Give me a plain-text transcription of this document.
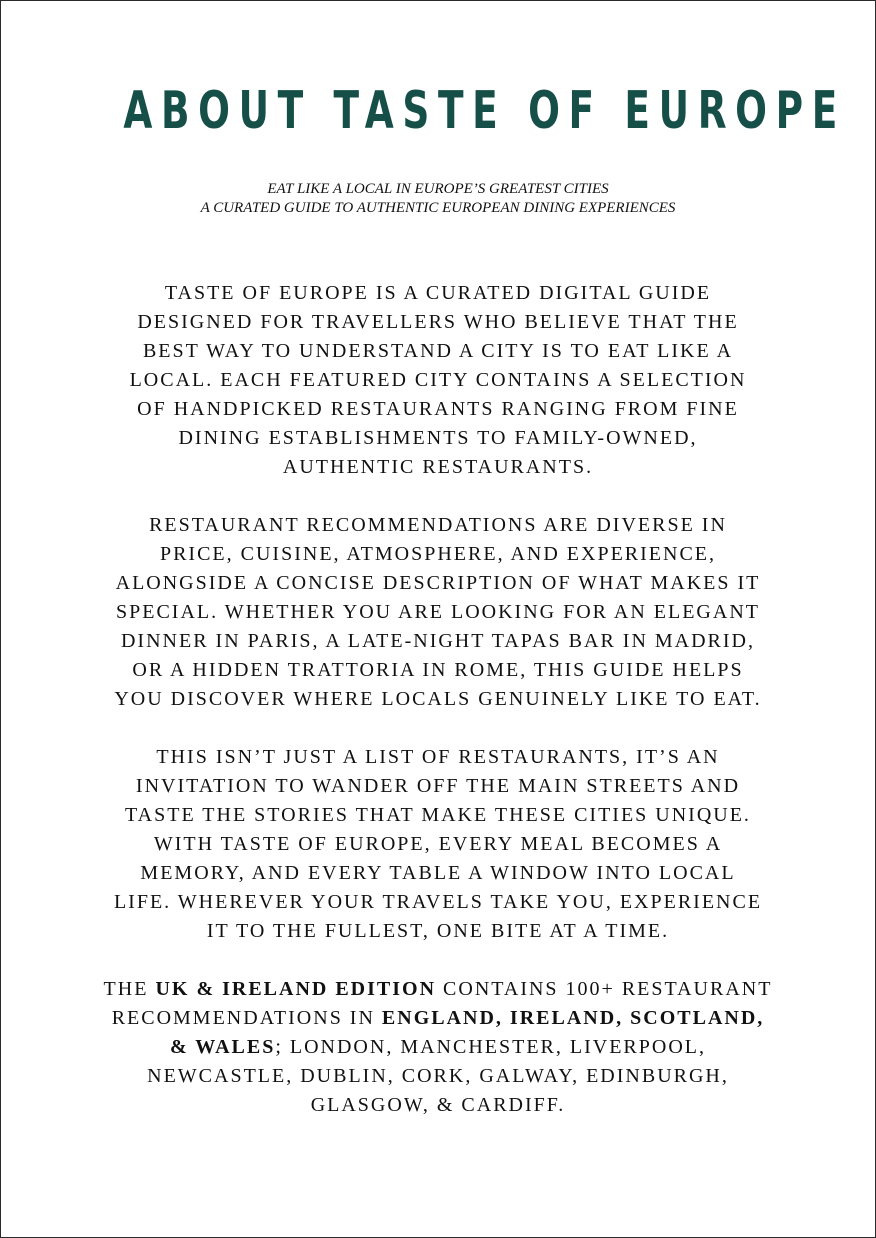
ABOUT TASTE OF EUROPE
EAT LIKE A LOCAL IN EUROPE’S GREATEST CITIES
A CURATED GUIDE TO AUTHENTIC EUROPEAN DINING EXPERIENCES

TASTE OF EUROPE IS A CURATED DIGITAL GUIDE
DESIGNED FOR TRAVELLERS WHO BELIEVE THAT THE
BEST WAY TO UNDERSTAND A CITY IS TO EAT LIKE A
LOCAL. EACH FEATURED CITY CONTAINS A SELECTION
OF HANDPICKED RESTAURANTS RANGING FROM FINE
DINING ESTABLISHMENTS TO FAMILY-OWNED,
AUTHENTIC RESTAURANTS.

RESTAURANT RECOMMENDATIONS ARE DIVERSE IN
PRICE, CUISINE, ATMOSPHERE, AND EXPERIENCE,
ALONGSIDE A CONCISE DESCRIPTION OF WHAT MAKES IT
SPECIAL. WHETHER YOU ARE LOOKING FOR AN ELEGANT
DINNER IN PARIS, A LATE-NIGHT TAPAS BAR IN MADRID,
OR A HIDDEN TRATTORIA IN ROME, THIS GUIDE HELPS
YOU DISCOVER WHERE LOCALS GENUINELY LIKE TO EAT.

THIS ISN’T JUST A LIST OF RESTAURANTS, IT’S AN
INVITATION TO WANDER OFF THE MAIN STREETS AND
TASTE THE STORIES THAT MAKE THESE CITIES UNIQUE.
WITH TASTE OF EUROPE, EVERY MEAL BECOMES A
MEMORY, AND EVERY TABLE A WINDOW INTO LOCAL
LIFE. WHEREVER YOUR TRAVELS TAKE YOU, EXPERIENCE
IT TO THE FULLEST, ONE BITE AT A TIME.

THE UK & IRELAND EDITION CONTAINS 100+ RESTAURANT
RECOMMENDATIONS IN ENGLAND, IRELAND, SCOTLAND,
& WALES; LONDON, MANCHESTER, LIVERPOOL,
NEWCASTLE, DUBLIN, CORK, GALWAY, EDINBURGH,
GLASGOW, & CARDIFF.
